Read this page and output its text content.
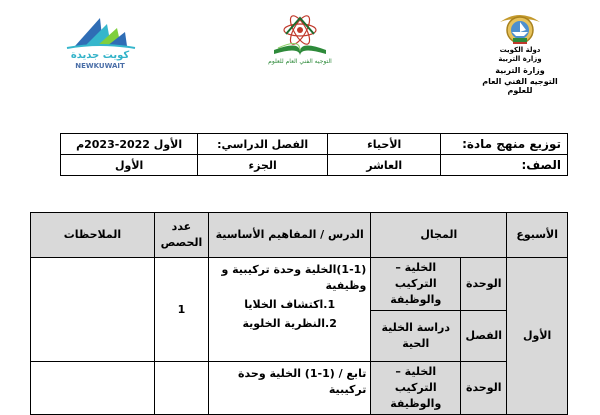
كويت جديدة
NEWKUWAIT
التوجيه الفني العام للعلوم
دولة الكويت
وزارة التربية
وزارة التربية
التوجيه الفني العام للعلوم
توزيع منهج مادة:	الأحياء	الفصل الدراسي:	الأول 2022-2023م
الصف:	العاشر	الجزء	الأول
الأسبوع	المجال		الدرس / المفاهيم الأساسية	عدد الحصص	الملاحظات
الأول	الوحدة	الخلية – التركيب والوظيفة	(1-1)الخلية وحدة تركيبية و وظيفية
1.اكتشاف الخلايا
2.النظرية الخلوية	1	
	الفصل	دراسة الخلية الحية			
	الوحدة	الخلية – التركيب والوظيفة	تابع / (1-1) الخلية وحدة تركيبية		
